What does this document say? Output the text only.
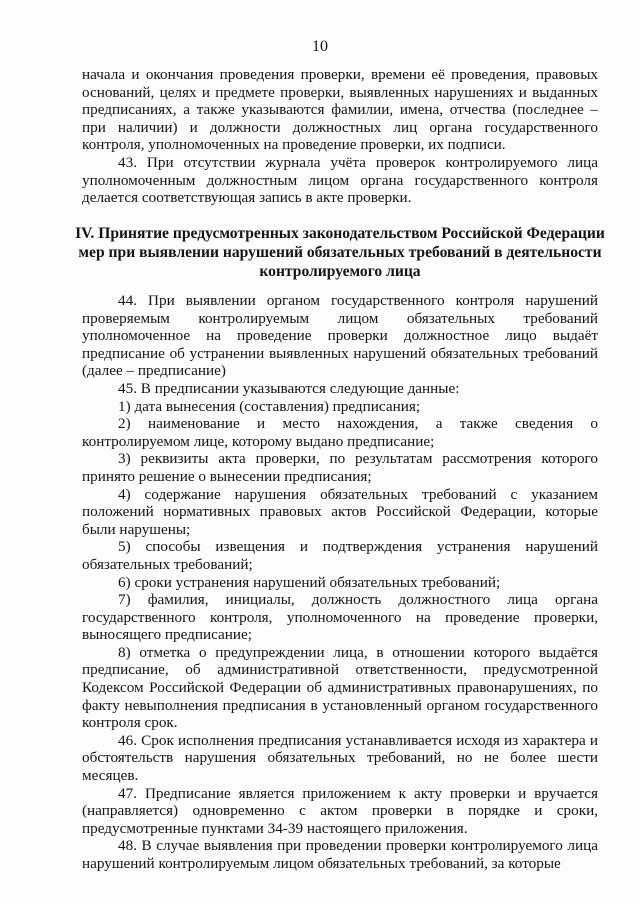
10

начала и окончания проведения проверки, времени её проведения, правовых оснований, целях и предмете проверки, выявленных нарушениях и выданных предписаниях, а также указываются фамилии, имена, отчества (последнее – при наличии) и должности должностных лиц органа государственного контроля, уполномоченных на проведение проверки, их подписи.

43. При отсутствии журнала учёта проверок контролируемого лица уполномоченным должностным лицом органа государственного контроля делается соответствующая запись в акте проверки.

IV. Принятие предусмотренных законодательством Российской Федерации
мер при выявлении нарушений обязательных требований в деятельности
контролируемого лица

44. При выявлении органом государственного контроля нарушений проверяемым контролируемым лицом обязательных требований уполномоченное на проведение проверки должностное лицо выдаёт предписание об устранении выявленных нарушений обязательных требований (далее – предписание)

45. В предписании указываются следующие данные:

1) дата вынесения (составления) предписания;

2) наименование и место нахождения, а также сведения о контролируемом лице, которому выдано предписание;

3) реквизиты акта проверки, по результатам рассмотрения которого принято решение о вынесении предписания;

4) содержание нарушения обязательных требований с указанием положений нормативных правовых актов Российской Федерации, которые были нарушены;

5) способы извещения и подтверждения устранения нарушений обязательных требований;

6) сроки устранения нарушений обязательных требований;

7) фамилия, инициалы, должность должностного лица органа государственного контроля, уполномоченного на проведение проверки, выносящего предписание;

8) отметка о предупреждении лица, в отношении которого выдаётся предписание, об административной ответственности, предусмотренной Кодексом Российской Федерации об административных правонарушениях, по факту невыполнения предписания в установленный органом государственного контроля срок.

46. Срок исполнения предписания устанавливается исходя из характера и обстоятельств нарушения обязательных требований, но не более шести месяцев.

47. Предписание является приложением к акту проверки и вручается (направляется) одновременно с актом проверки в порядке и сроки, предусмотренные пунктами 34-39 настоящего приложения.

48. В случае выявления при проведении проверки контролируемого лица нарушений контролируемым лицом обязательных требований, за которые
